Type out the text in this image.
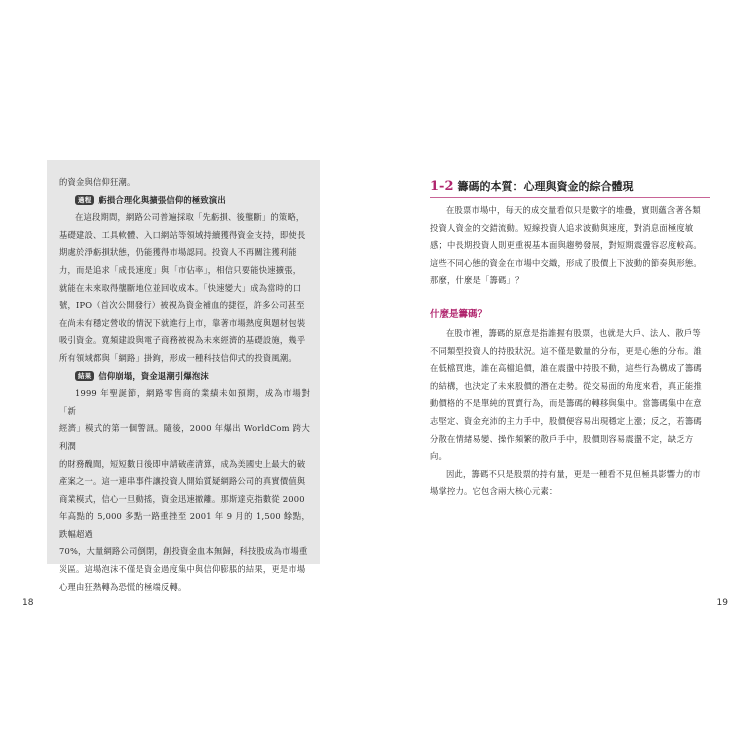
的資金與信仰狂潮。

過程 虧損合理化與擴張信仰的極致演出

在這段期間，網路公司普遍採取「先虧損、後壟斷」的策略，

基礎建設、工具軟體、入口網站等領域持續獲得資金支持，即使長

期處於淨虧損狀態，仍能獲得市場認同。投資人不再關注獲利能

力，而是追求「成長速度」與「市佔率」，相信只要能快速擴張，

就能在未來取得壟斷地位並回收成本。「快速變大」成為當時的口

號，IPO（首次公開發行）被視為資金補血的捷徑，許多公司甚至

在尚未有穩定營收的情況下就進行上市，靠著市場熱度與題材包裝

吸引資金。寬頻建設與電子商務被視為未來經濟的基礎設施，幾乎

所有領域都與「網路」掛鉤，形成一種科技信仰式的投資風潮。

結果 信仰崩塌，資金退潮引爆泡沫

1999 年聖誕節，網路零售商的業績未如預期，成為市場對「新

經濟」模式的第一個警訊。隨後，2000 年爆出 WorldCom 跨大利潤

的財務醜聞，短短數日後即申請破產清算，成為美國史上最大的破

產案之一。這一連串事件讓投資人開始質疑網路公司的真實價值與

商業模式，信心一旦動搖，資金迅速撤離。那斯達克指數從 2000

年高點的 5,000 多點一路重挫至 2001 年 9 月的 1,500 餘點，跌幅超過

70%，大量網路公司倒閉，創投資金血本無歸，科技股成為市場重

災區。這場泡沫不僅是資金過度集中與信仰膨脹的結果，更是市場

心理由狂熱轉為恐慌的極端反轉。

18
1-2 籌碼的本質：心理與資金的綜合體現

在股票市場中，每天的成交量看似只是數字的堆疊，實則蘊含著各類

投資人資金的交錯流動。短線投資人追求波動與速度，對消息面極度敏

感；中長期投資人則更重視基本面與趨勢發展，對短期震盪容忍度較高。

這些不同心態的資金在市場中交織，形成了股價上下波動的節奏與形態。

那麼，什麼是「籌碼」？

什麼是籌碼？

在股市裡，籌碼的原意是指誰握有股票，也就是大戶、法人、散戶等

不同類型投資人的持股狀況。這不僅是數量的分布，更是心態的分布。誰

在低檔買進，誰在高檔追價，誰在震盪中持股不動，這些行為構成了籌碼

的結構，也決定了未來股價的潛在走勢。從交易面的角度來看，真正能推

動價格的不是單純的買賣行為，而是籌碼的轉移與集中。當籌碼集中在意

志堅定、資金充沛的主力手中，股價便容易出現穩定上漲；反之，若籌碼

分散在情緒易變、操作頻繁的散戶手中，股價則容易震盪不定，缺乏方

向。

因此，籌碼不只是股票的持有量，更是一種看不見但極具影響力的市

場掌控力。它包含兩大核心元素：

19
